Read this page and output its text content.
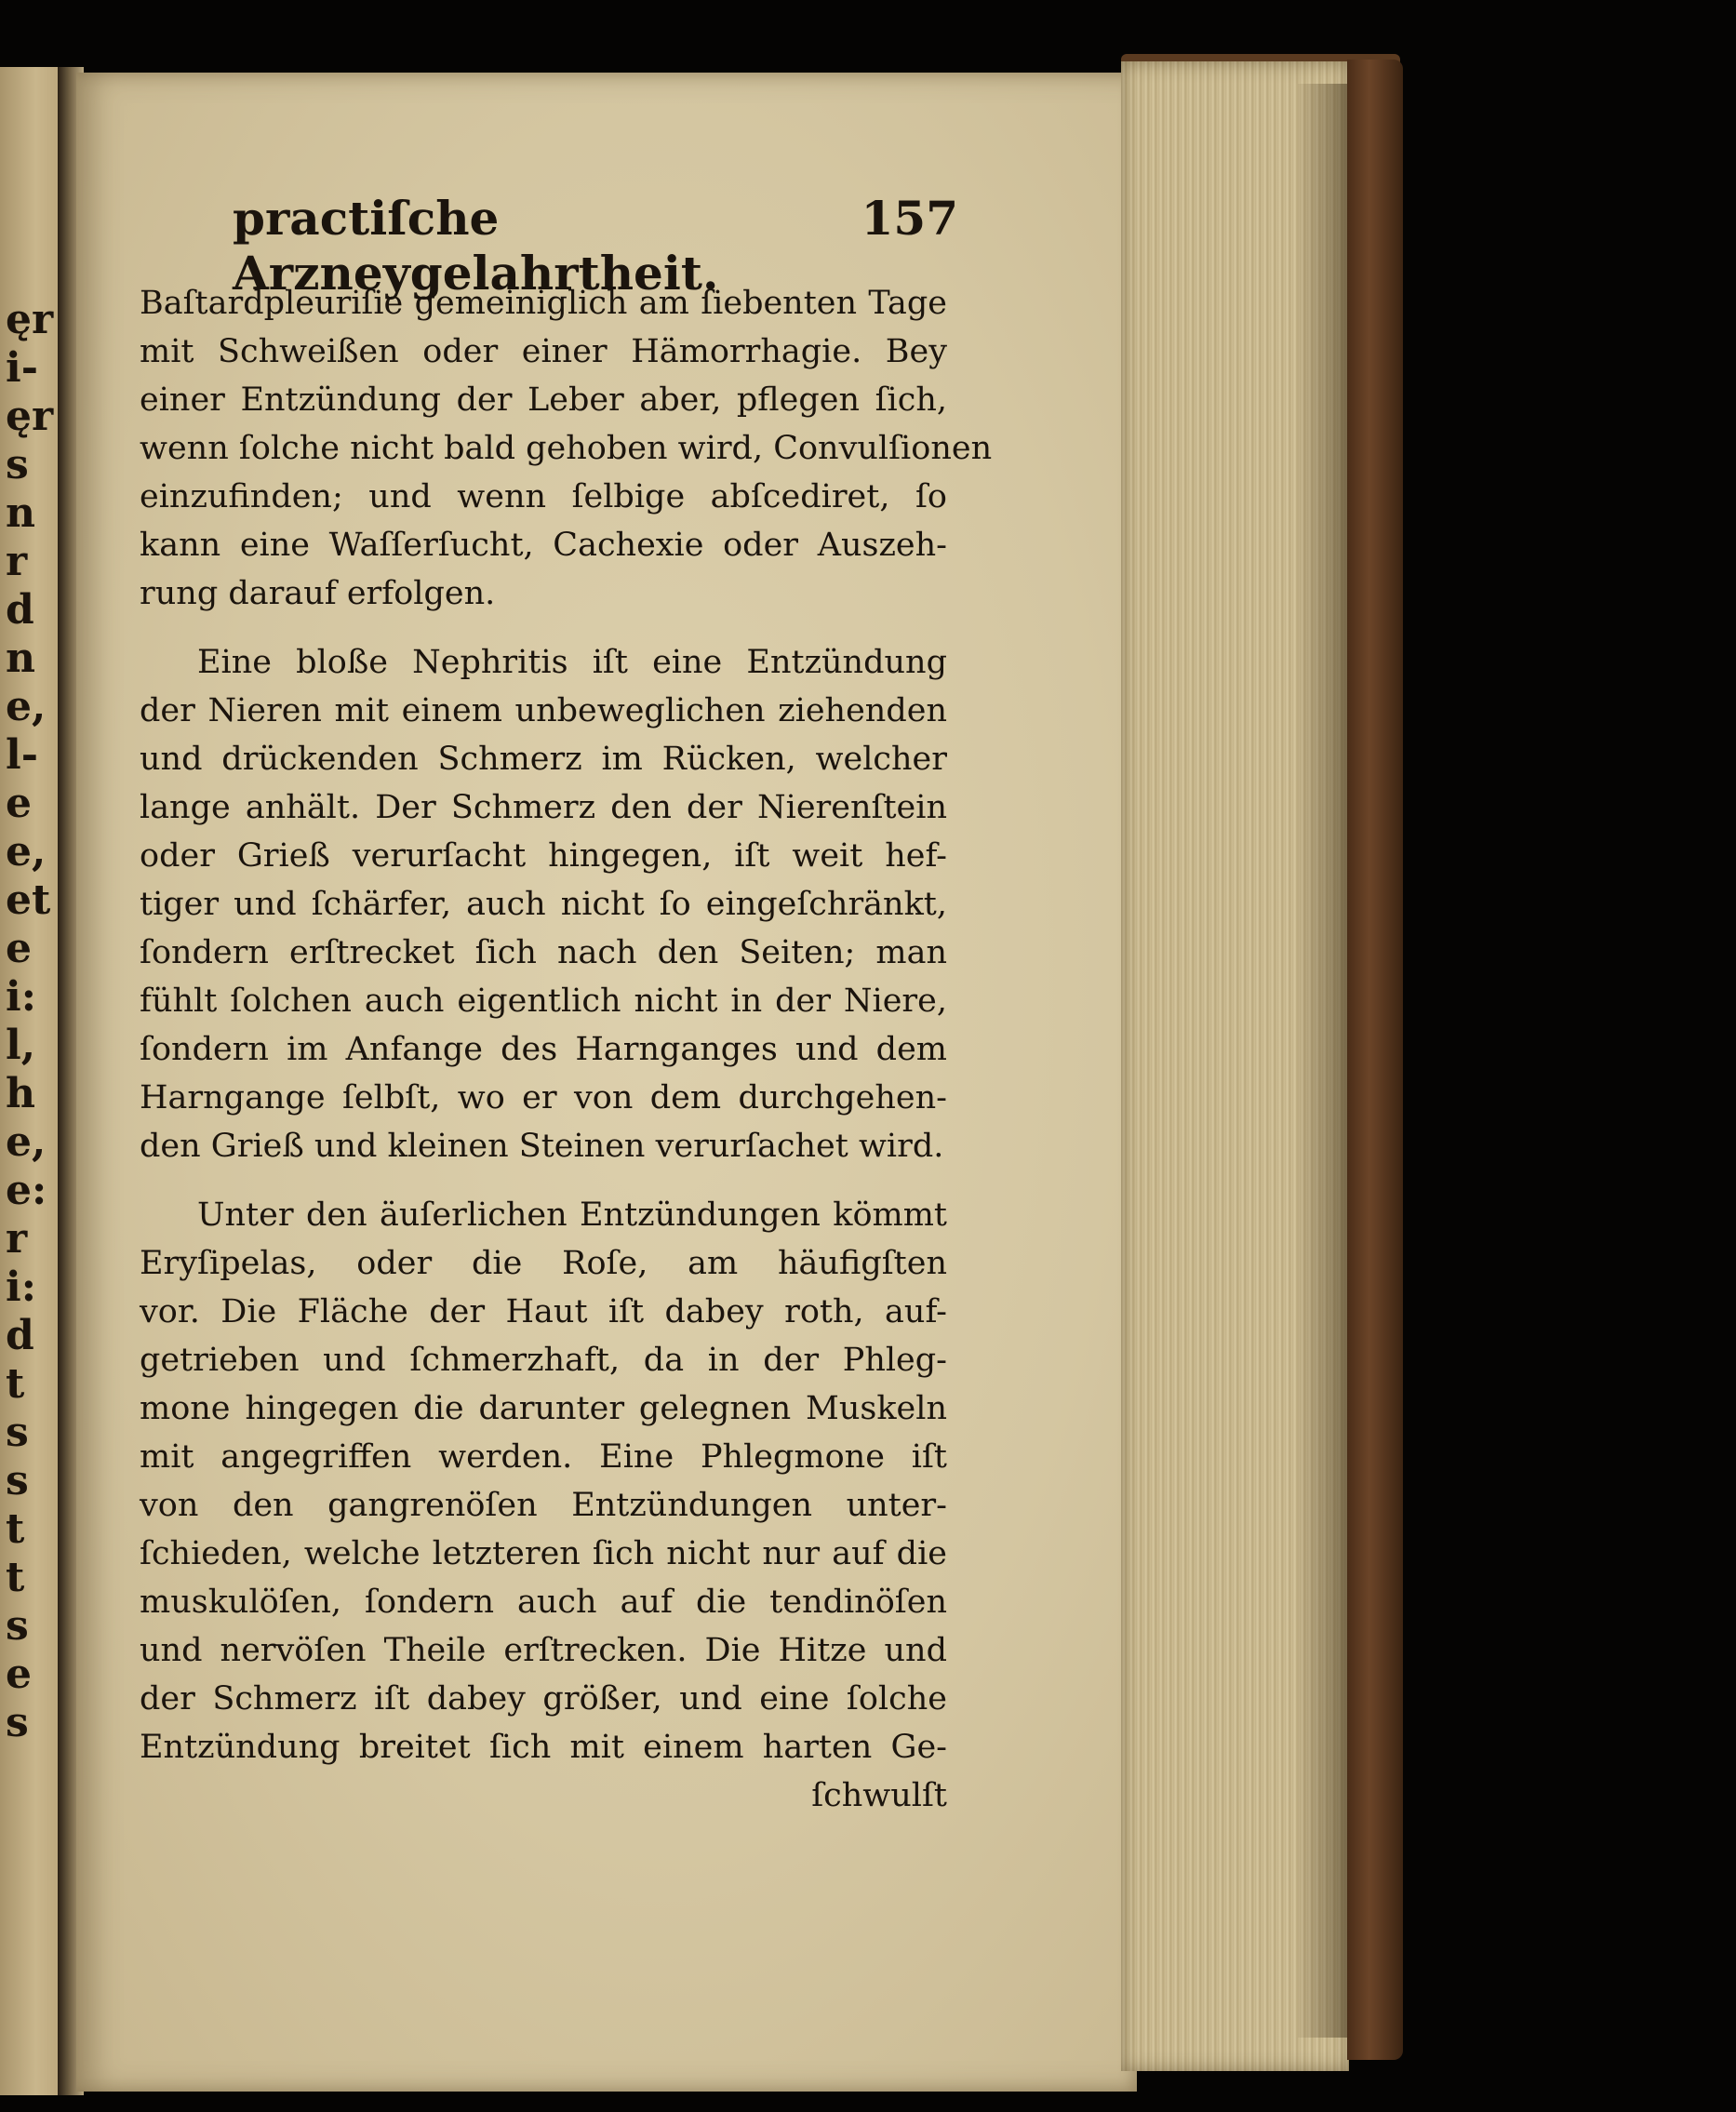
ęr
i-
ęr
s
n
r
d
n
e,
l-
e
e,
et
e
i:
l,
h
e,
e:
r
i:
d
t
s
s
t
t
s
e
s
practiſche Arzneygelahrtheit.
157
Baſtardpleuriſie gemeiniglich am ſiebenten Tage
mit Schweißen oder einer Hämorrhagie. Bey
einer Entzündung der Leber aber, pflegen ſich,
wenn ſolche nicht bald gehoben wird, Convulſionen
einzufinden; und wenn ſelbige abſcediret, ſo
kann eine Waſſerſucht, Cachexie oder Auszeh-
rung darauf erfolgen.
Eine bloße Nephritis iſt eine Entzündung
der Nieren mit einem unbeweglichen ziehenden
und drückenden Schmerz im Rücken, welcher
lange anhält. Der Schmerz den der Nierenſtein
oder Grieß verurſacht hingegen, iſt weit hef-
tiger und ſchärfer, auch nicht ſo eingeſchränkt,
ſondern erſtrecket ſich nach den Seiten; man
fühlt ſolchen auch eigentlich nicht in der Niere,
ſondern im Anfange des Harnganges und dem
Harngange ſelbſt, wo er von dem durchgehen-
den Grieß und kleinen Steinen verurſachet wird.
Unter den äuſerlichen Entzündungen kömmt
Eryſipelas, oder die Roſe, am häufigſten
vor. Die Fläche der Haut iſt dabey roth, auf-
getrieben und ſchmerzhaft, da in der Phleg-
mone hingegen die darunter gelegnen Muskeln
mit angegriffen werden. Eine Phlegmone iſt
von den gangrenöſen Entzündungen unter-
ſchieden, welche letzteren ſich nicht nur auf die
muskulöſen, ſondern auch auf die tendinöſen
und nervöſen Theile erſtrecken. Die Hitze und
der Schmerz iſt dabey größer, und eine ſolche
Entzündung breitet ſich mit einem harten Ge-
ſchwulſt
